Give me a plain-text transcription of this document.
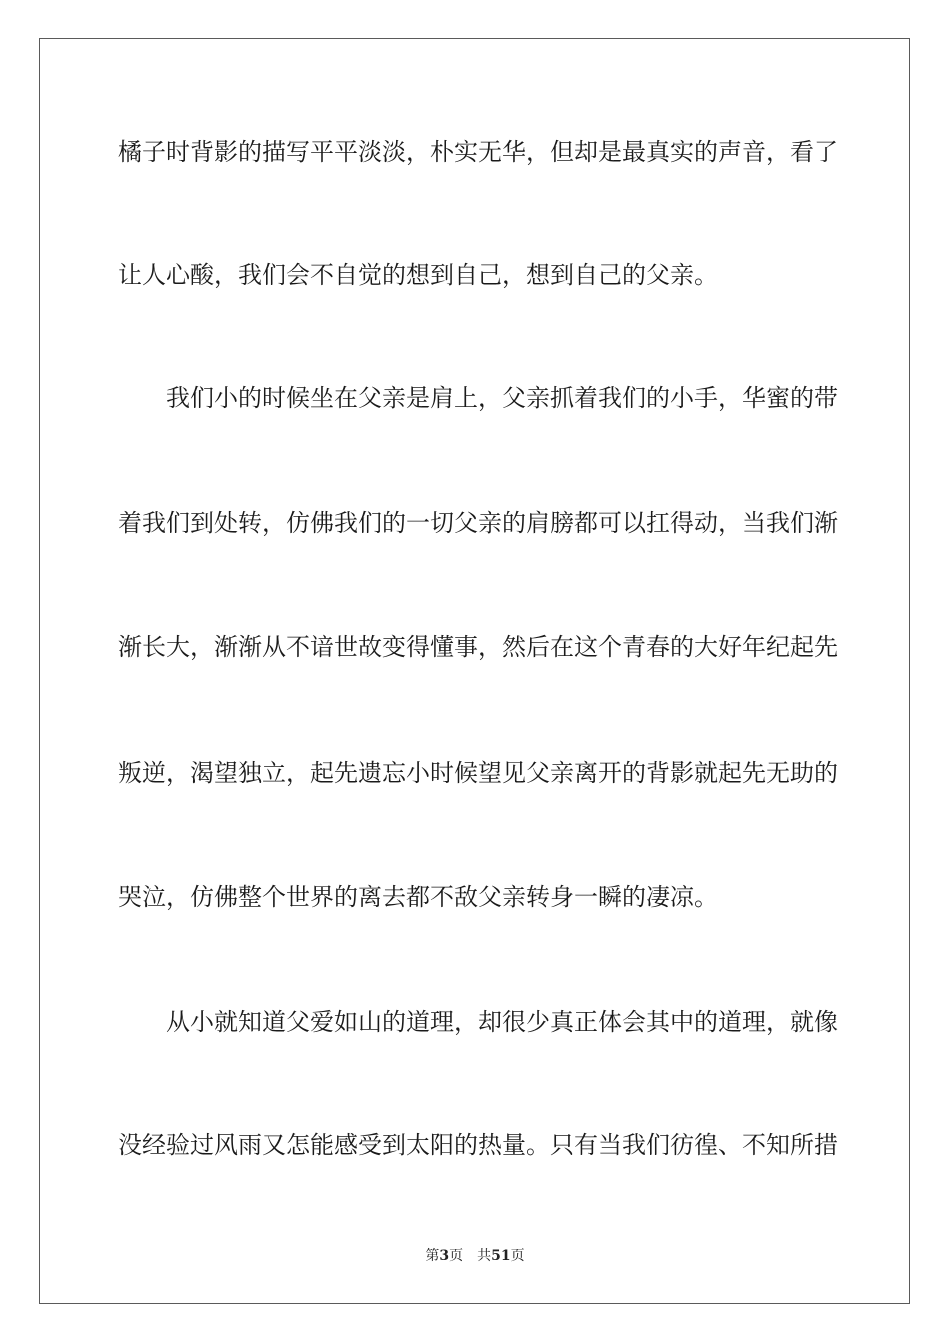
橘子时背影的描写平平淡淡，朴实无华，但却是最真实的声音，看了
让人心酸，我们会不自觉的想到自己，想到自己的父亲。
我们小的时候坐在父亲是肩上，父亲抓着我们的小手，华蜜的带
着我们到处转，仿佛我们的一切父亲的肩膀都可以扛得动，当我们渐
渐长大，渐渐从不谙世故变得懂事，然后在这个青春的大好年纪起先
叛逆，渴望独立，起先遗忘小时候望见父亲离开的背影就起先无助的
哭泣，仿佛整个世界的离去都不敌父亲转身一瞬的凄凉。
从小就知道父爱如山的道理，却很少真正体会其中的道理，就像
没经验过风雨又怎能感受到太阳的热量。只有当我们彷徨、不知所措
第3页 共51页
